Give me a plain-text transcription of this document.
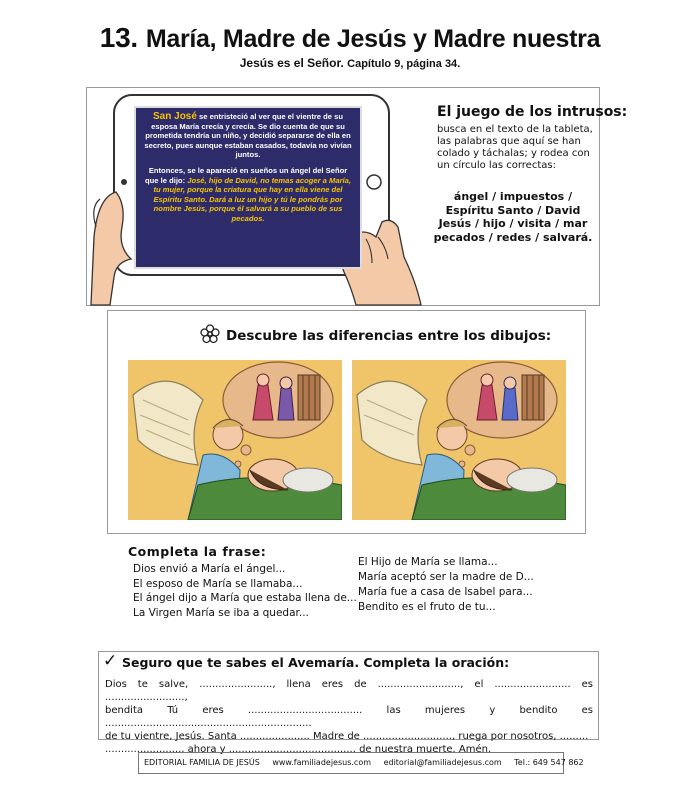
13. María, Madre de Jesús y Madre nuestra
Jesús es el Señor. Capítulo 9, página 34.

San José se entristeció al ver que el vientre de su esposa María crecía y crecía. Se dio cuenta de que su prometida tendría un niño, y decidió separarse de ella en secreto, pues aunque estaban casados, todavía no vivían juntos.

Entonces, se le apareció en sueños un ángel del Señor que le dijo: José, hijo de David, no temas acoger a María, tu mujer, porque la criatura que hay en ella viene del Espíritu Santo. Dará a luz un hijo y tú le pondrás por nombre Jesús, porque él salvará a su pueblo de sus pecados.

El juego de los intrusos:
busca en el texto de la tableta, las palabras que aquí se han colado y táchalas; y rodea con un círculo las correctas:
ángel / impuestos /
Espíritu Santo / David
Jesús / hijo / visita / mar
pecados / redes / salvará.
Descubre las diferencias entre los dibujos:
Completa la frase:
Dios envió a María el ángel...
El esposo de María se llamaba...
El ángel dijo a María que estaba llena de...
La Virgen María se iba a quedar...
El Hijo de María se llama...
María aceptó ser la madre de D...
María fue a casa de Isabel para...
Bendito es el fruto de tu...
✓ Seguro que te sabes el Avemaría. Completa la oración:
Dios te salve, ......................., llena eres de .........................., el ........................ es .........................,
bendita Tú eres .................................... las mujeres y bendito es .................................................................
de tu vientre, Jesús. Santa ...................... Madre de ............................, ruega por nosotros, .........
........................, ahora y ........................................ de nuestra muerte. Amén.
EDITORIAL FAMILIA DE JESÚS www.familiadejesus.com editorial@familiadejesus.com Tel.: 649 547 862
